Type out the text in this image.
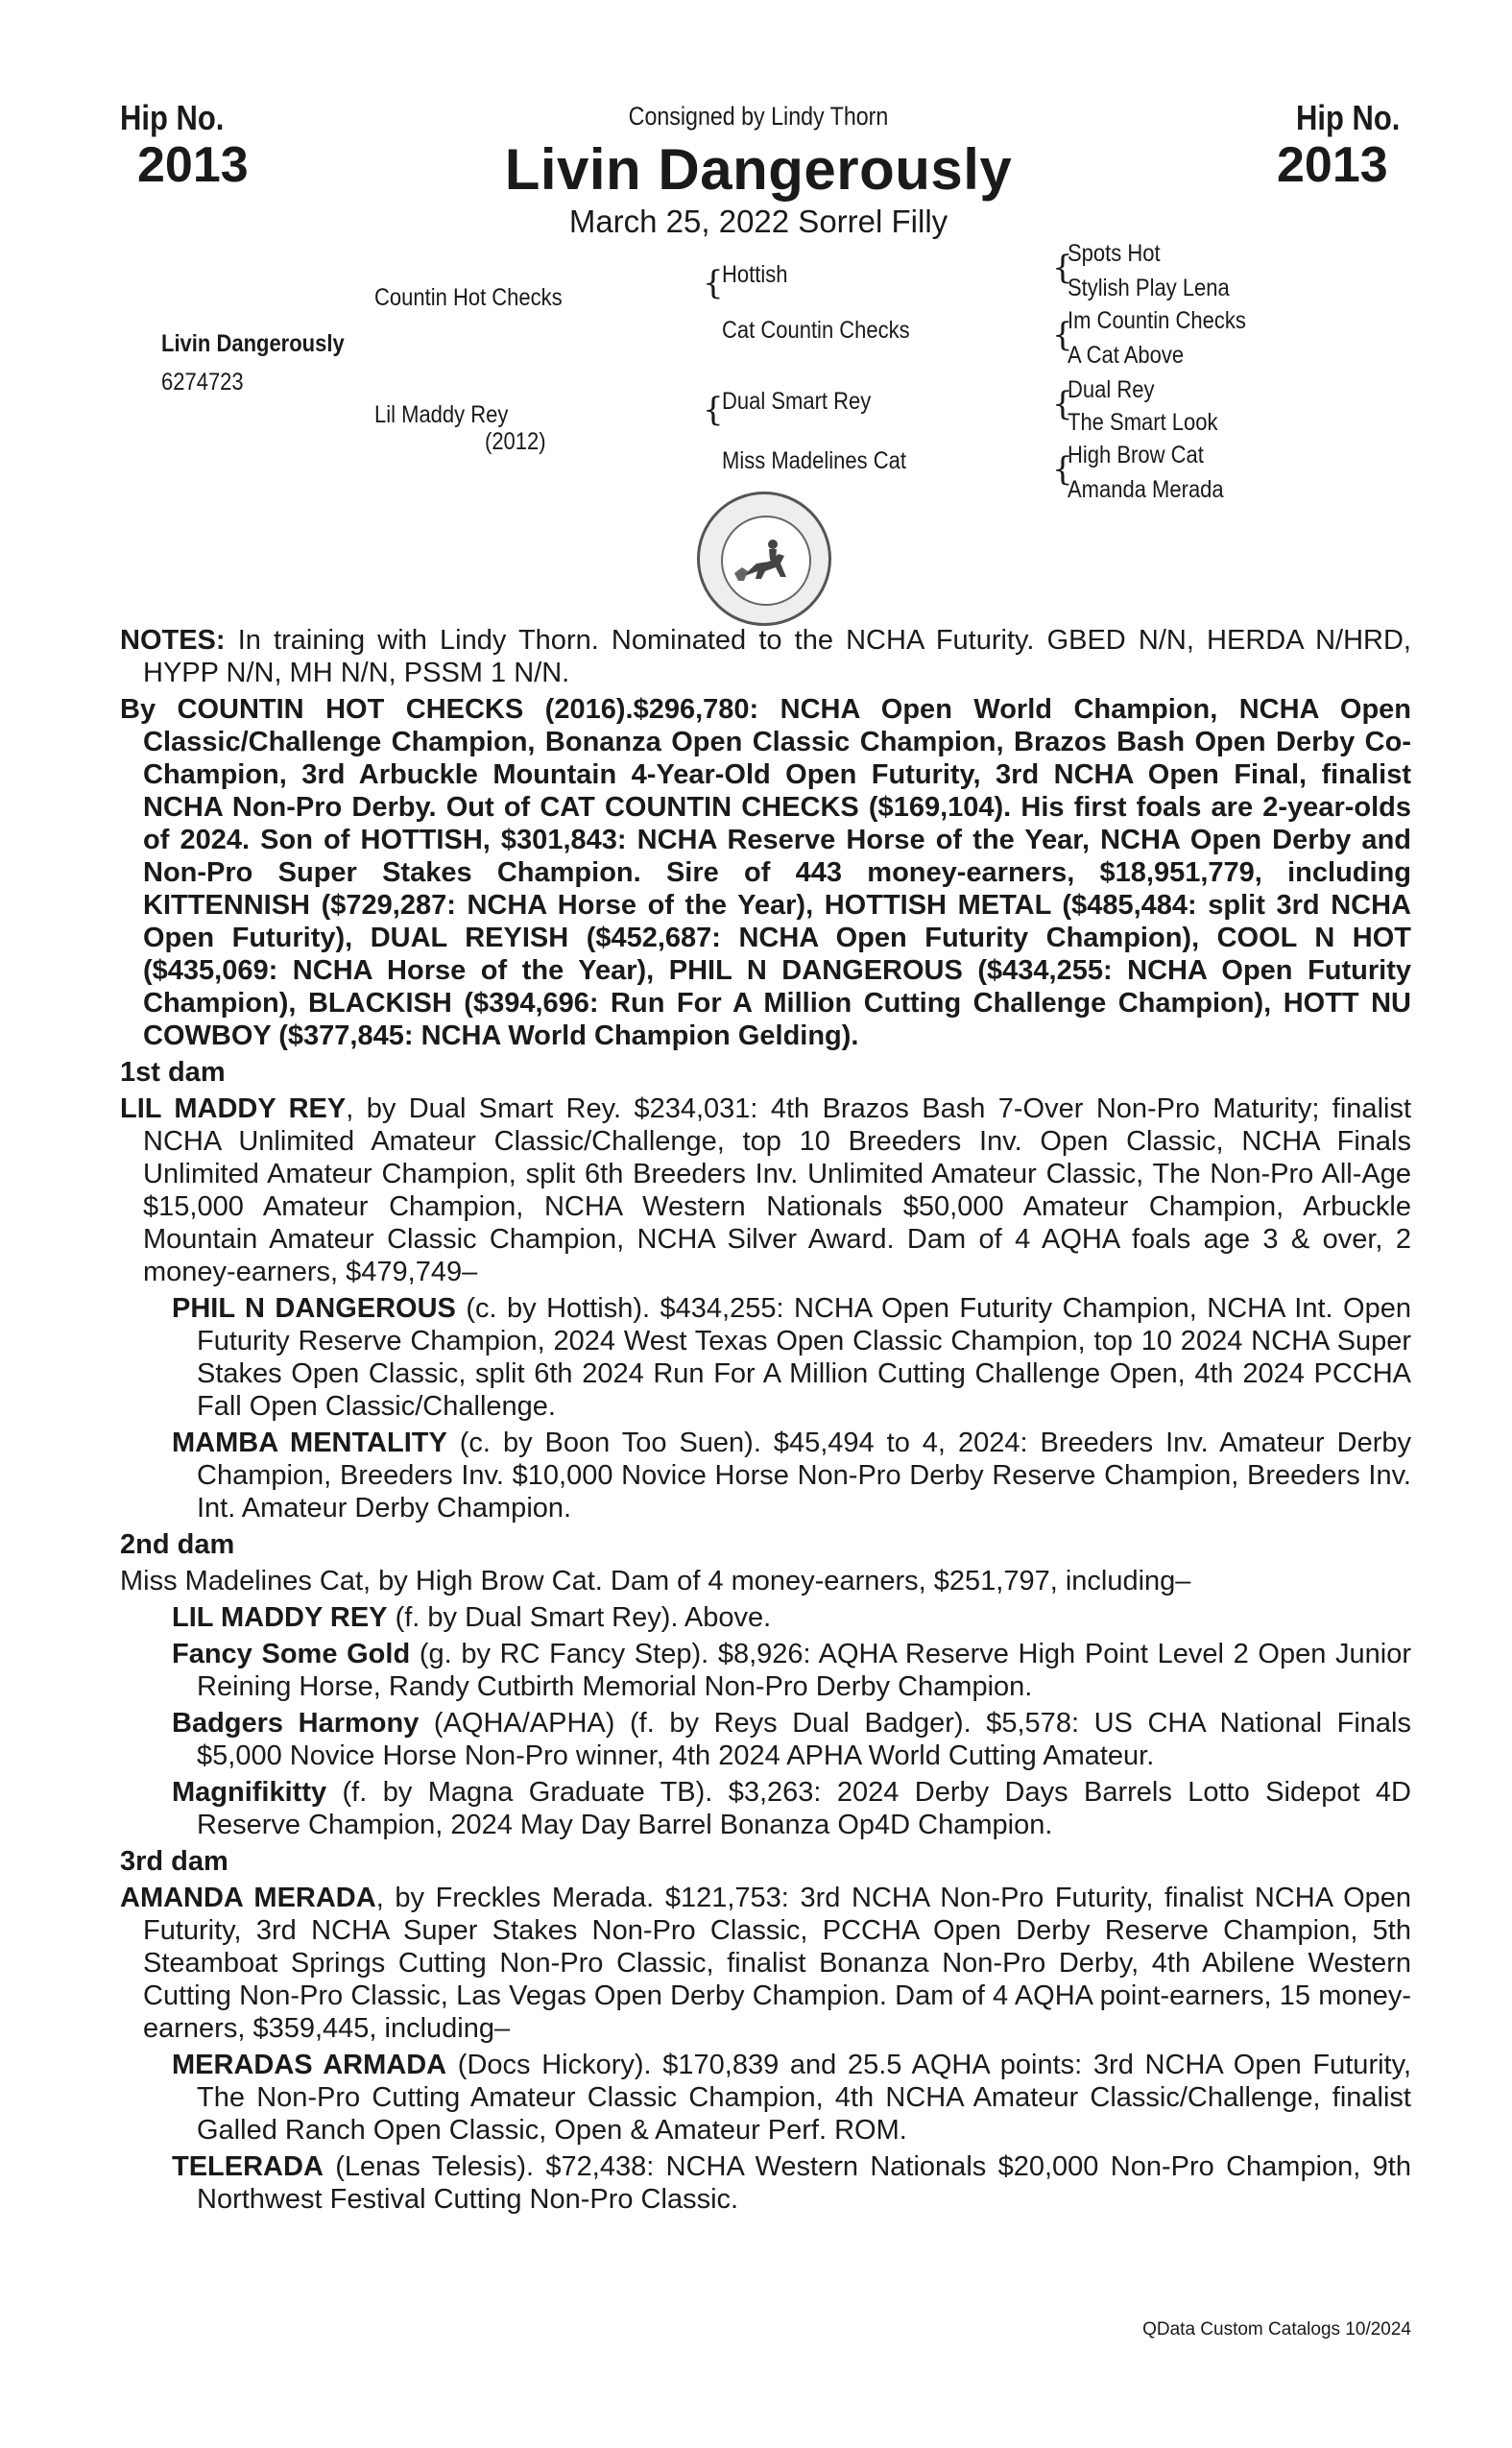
Hip No.
2013
Hip No.
2013
Consigned by Lindy Thorn
Livin Dangerously
March 25, 2022 Sorrel Filly
Livin Dangerously
6274723
Countin Hot Checks
Lil Maddy Rey
(2012)
{
Hottish
Cat Countin Checks
{
Dual Smart Rey
Miss Madelines Cat
{
Spots Hot
Stylish Play Lena
{
Im Countin Checks
A Cat Above
{
Dual Rey
The Smart Look
{
High Brow Cat
Amanda Merada

NOTES: In training with Lindy Thorn. Nominated to the NCHA Futurity. GBED N/N, HERDA N/HRD, HYPP N/N, MH N/N, PSSM 1 N/N.

By COUNTIN HOT CHECKS (2016).$296,780: NCHA Open World Champion, NCHA Open Classic/Challenge Champion, Bonanza Open Classic Champion, Brazos Bash Open Derby Co-Champion, 3rd Arbuckle Mountain 4-Year-Old Open Futurity, 3rd NCHA Open Final, finalist NCHA Non-Pro Derby. Out of CAT COUNTIN CHECKS ($169,104). His first foals are 2-year-olds of 2024. Son of HOTTISH, $301,843: NCHA Reserve Horse of the Year, NCHA Open Derby and Non-Pro Super Stakes Champion. Sire of 443 money-earners, $18,951,779, including KITTENNISH ($729,287: NCHA Horse of the Year), HOTTISH METAL ($485,484: split 3rd NCHA Open Futurity), DUAL REYISH ($452,687: NCHA Open Futurity Champion), COOL N HOT ($435,069: NCHA Horse of the Year), PHIL N DANGEROUS ($434,255: NCHA Open Futurity Champion), BLACKISH ($394,696: Run For A Million Cutting Challenge Champion), HOTT NU COWBOY ($377,845: NCHA World Champion Gelding).

1st dam

LIL MADDY REY, by Dual Smart Rey. $234,031: 4th Brazos Bash 7-Over Non-Pro Maturity; finalist NCHA Unlimited Amateur Classic/Challenge, top 10 Breeders Inv. Open Classic, NCHA Finals Unlimited Amateur Champion, split 6th Breeders Inv. Unlimited Amateur Classic, The Non-Pro All-Age $15,000 Amateur Champion, NCHA Western Nationals $50,000 Amateur Champion, Arbuckle Mountain Amateur Classic Champion, NCHA Silver Award. Dam of 4 AQHA foals age 3 & over, 2 money-earners, $479,749–

PHIL N DANGEROUS (c. by Hottish). $434,255: NCHA Open Futurity Champion, NCHA Int. Open Futurity Reserve Champion, 2024 West Texas Open Classic Champion, top 10 2024 NCHA Super Stakes Open Classic, split 6th 2024 Run For A Million Cutting Challenge Open, 4th 2024 PCCHA Fall Open Classic/Challenge.

MAMBA MENTALITY (c. by Boon Too Suen). $45,494 to 4, 2024: Breeders Inv. Amateur Derby Champion, Breeders Inv. $10,000 Novice Horse Non-Pro Derby Reserve Champion, Breeders Inv. Int. Amateur Derby Champion.

2nd dam

Miss Madelines Cat, by High Brow Cat. Dam of 4 money-earners, $251,797, including–

LIL MADDY REY (f. by Dual Smart Rey). Above.

Fancy Some Gold (g. by RC Fancy Step). $8,926: AQHA Reserve High Point Level 2 Open Junior Reining Horse, Randy Cutbirth Memorial Non-Pro Derby Champion.

Badgers Harmony (AQHA/APHA) (f. by Reys Dual Badger). $5,578: US CHA National Finals $5,000 Novice Horse Non-Pro winner, 4th 2024 APHA World Cutting Amateur.

Magnifikitty (f. by Magna Graduate TB). $3,263: 2024 Derby Days Barrels Lotto Sidepot 4D Reserve Champion, 2024 May Day Barrel Bonanza Op4D Champion.

3rd dam

AMANDA MERADA, by Freckles Merada. $121,753: 3rd NCHA Non-Pro Futurity, finalist NCHA Open Futurity, 3rd NCHA Super Stakes Non-Pro Classic, PCCHA Open Derby Reserve Champion, 5th Steamboat Springs Cutting Non-Pro Classic, finalist Bonanza Non-Pro Derby, 4th Abilene Western Cutting Non-Pro Classic, Las Vegas Open Derby Champion. Dam of 4 AQHA point-earners, 15 money-earners, $359,445, including–

MERADAS ARMADA (Docs Hickory). $170,839 and 25.5 AQHA points: 3rd NCHA Open Futurity, The Non-Pro Cutting Amateur Classic Champion, 4th NCHA Amateur Classic/Challenge, finalist Galled Ranch Open Classic, Open & Amateur Perf. ROM.

TELERADA (Lenas Telesis). $72,438: NCHA Western Nationals $20,000 Non-Pro Champion, 9th Northwest Festival Cutting Non-Pro Classic.

QData Custom Catalogs 10/2024
